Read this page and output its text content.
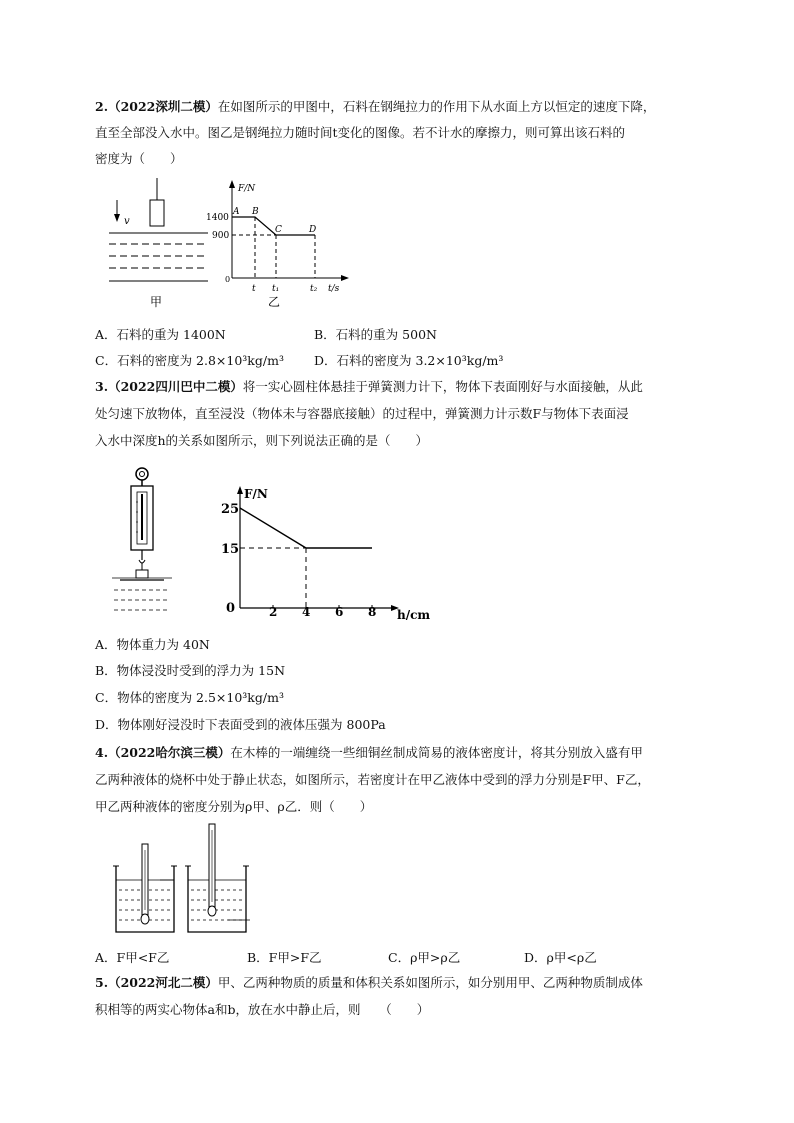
2.（2022深圳二模）在如图所示的甲图中，石料在钢绳拉力的作用下从水面上方以恒定的速度下降，
直至全部没入水中。图乙是钢绳拉力随时间t变化的图像。若不计水的摩擦力，则可算出该石料的
密度为（　　）
v
甲
F/N
t/s
1400
900
0
A B
C	D
t t₁	t₂
乙
A．石料的重为 1400N	B．石料的重为 500N
C．石料的密度为 2.8×10³kg/m³ D．石料的密度为 3.2×10³kg/m³
3.（2022四川巴中二模）将一实心圆柱体悬挂于弹簧测力计下，物体下表面刚好与水面接触，从此
处匀速下放物体，直至浸没（物体未与容器底接触）的过程中，弹簧测力计示数F与物体下表面浸
入水中深度h的关系如图所示，则下列说法正确的是（　　）
F/N
h/cm
0	2 4 6 8
25
15
A．物体重力为 40N
B．物体浸没时受到的浮力为 15N
C．物体的密度为 2.5×10³kg/m³
D．物体刚好浸没时下表面受到的液体压强为 800Pa
4.（2022哈尔滨三模）在木棒的一端缠绕一些细铜丝制成简易的液体密度计，将其分别放入盛有甲
乙两种液体的烧杯中处于静止状态，如图所示，若密度计在甲乙液体中受到的浮力分别是F甲、F乙，
甲乙两种液体的密度分别为ρ甲、ρ乙．则（　　）
A．F甲<F乙	B．F甲>F乙	C．ρ甲>ρ乙	D．ρ甲<ρ乙
5.（2022河北二模）甲、乙两种物质的质量和体积关系如图所示，如分别用甲、乙两种物质制成体
积相等的两实心物体a和b，放在水中静止后，则　　（　　）
